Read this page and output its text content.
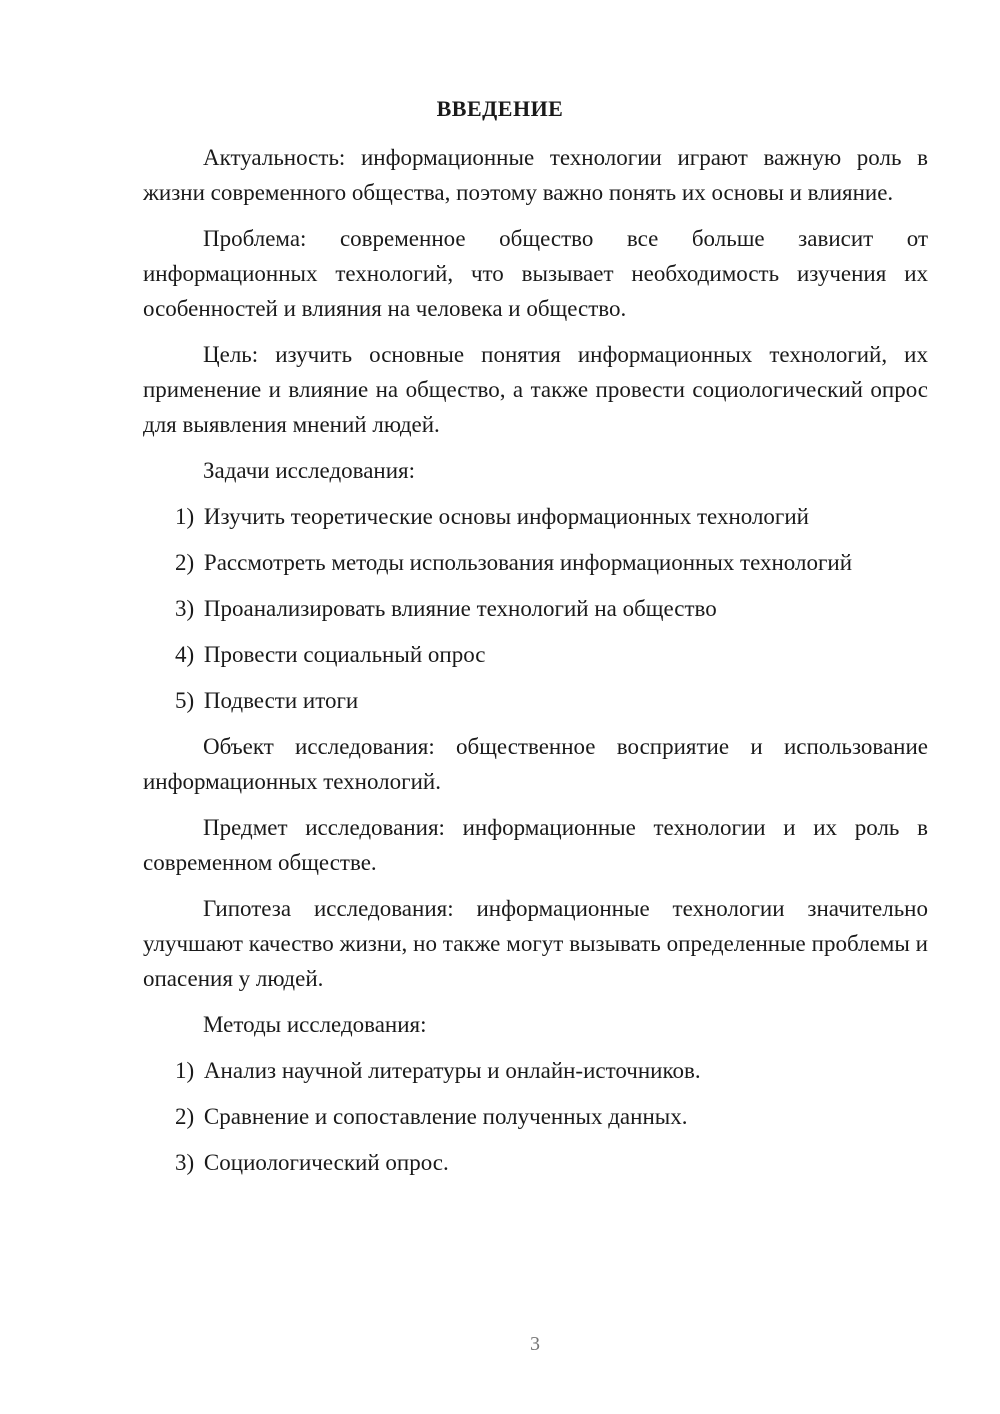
ВВЕДЕНИЕ

Актуальность: информационные технологии играют важную роль в жизни современного общества, поэтому важно понять их основы и влияние.

Проблема: современное общество все больше зависит от информационных технологий, что вызывает необходимость изучения их особенностей и влияния на человека и общество.

Цель: изучить основные понятия информационных технологий, их применение и влияние на общество, а также провести социологический опрос для выявления мнений людей.

Задачи исследования:

1) Изучить теоретические основы информационных технологий

2) Рассмотреть методы использования информационных технологий

3) Проанализировать влияние технологий на общество

4) Провести социальный опрос

5) Подвести итоги

Объект исследования: общественное восприятие и использование информационных технологий.

Предмет исследования: информационные технологии и их роль в современном обществе.

Гипотеза исследования: информационные технологии значительно улучшают качество жизни, но также могут вызывать определенные проблемы и опасения у людей.

Методы исследования:

1) Анализ научной литературы и онлайн-источников.

2) Сравнение и сопоставление полученных данных.

3) Социологический опрос.

3
